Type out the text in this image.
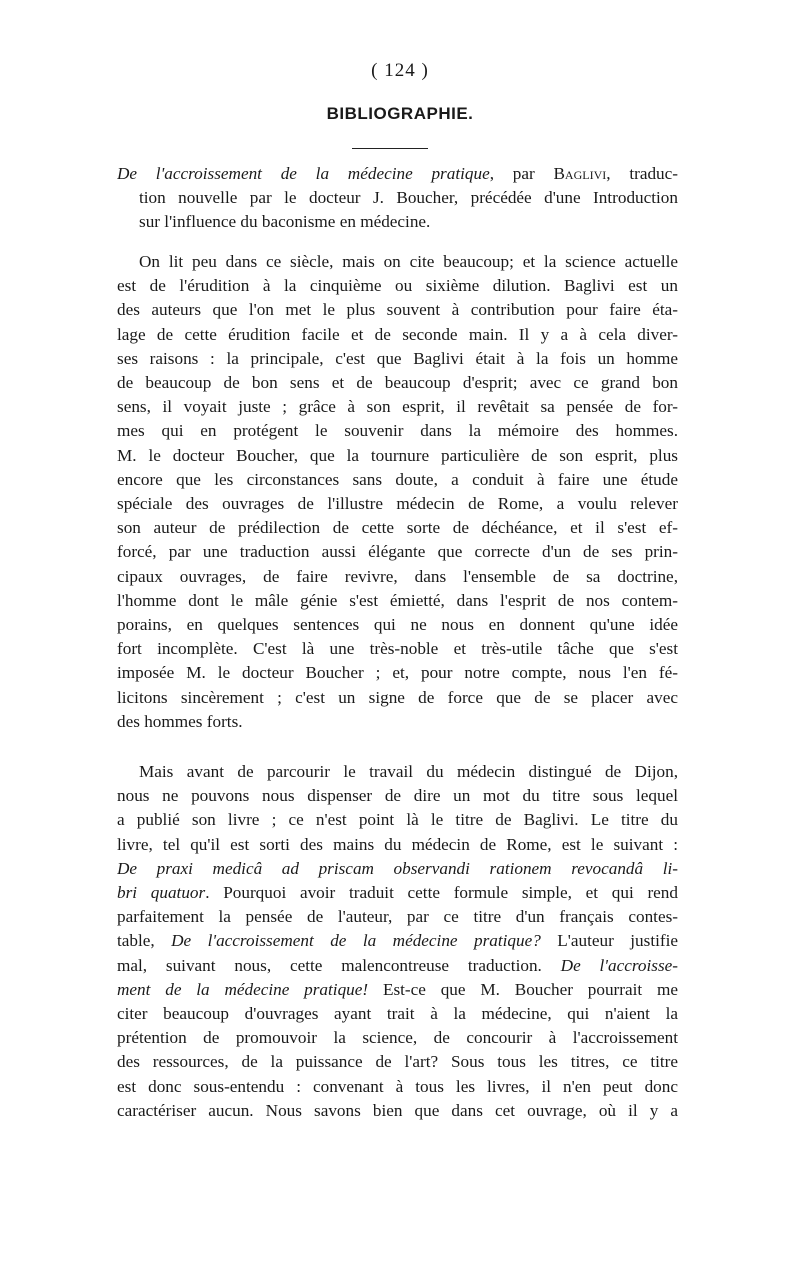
( 124 )
BIBLIOGRAPHIE.
De l'accroissement de la médecine pratique, par Baglivi, traduc-
tion nouvelle par le docteur J. Boucher, précédée d'une Introduction
sur l'influence du baconisme en médecine.
On lit peu dans ce siècle, mais on cite beaucoup; et la science actuelle
est de l'érudition à la cinquième ou sixième dilution. Baglivi est un
des auteurs que l'on met le plus souvent à contribution pour faire éta-
lage de cette érudition facile et de seconde main. Il y a à cela diver-
ses raisons : la principale, c'est que Baglivi était à la fois un homme
de beaucoup de bon sens et de beaucoup d'esprit; avec ce grand bon
sens, il voyait juste ; grâce à son esprit, il revêtait sa pensée de for-
mes qui en protégent le souvenir dans la mémoire des hommes.
M. le docteur Boucher, que la tournure particulière de son esprit, plus
encore que les circonstances sans doute, a conduit à faire une étude
spéciale des ouvrages de l'illustre médecin de Rome, a voulu relever
son auteur de prédilection de cette sorte de déchéance, et il s'est ef-
forcé, par une traduction aussi élégante que correcte d'un de ses prin-
cipaux ouvrages, de faire revivre, dans l'ensemble de sa doctrine,
l'homme dont le mâle génie s'est émietté, dans l'esprit de nos contem-
porains, en quelques sentences qui ne nous en donnent qu'une idée
fort incomplète. C'est là une très-noble et très-utile tâche que s'est
imposée M. le docteur Boucher ; et, pour notre compte, nous l'en fé-
licitons sincèrement ; c'est un signe de force que de se placer avec
des hommes forts.
Mais avant de parcourir le travail du médecin distingué de Dijon,
nous ne pouvons nous dispenser de dire un mot du titre sous lequel
a publié son livre ; ce n'est point là le titre de Baglivi. Le titre du
livre, tel qu'il est sorti des mains du médecin de Rome, est le suivant :
De praxi medicâ ad priscam observandi rationem revocandâ li-
bri quatuor. Pourquoi avoir traduit cette formule simple, et qui rend
parfaitement la pensée de l'auteur, par ce titre d'un français contes-
table, De l'accroissement de la médecine pratique? L'auteur justifie
mal, suivant nous, cette malencontreuse traduction. De l'accroisse-
ment de la médecine pratique! Est-ce que M. Boucher pourrait me
citer beaucoup d'ouvrages ayant trait à la médecine, qui n'aient la
prétention de promouvoir la science, de concourir à l'accroissement
des ressources, de la puissance de l'art? Sous tous les titres, ce titre
est donc sous-entendu : convenant à tous les livres, il n'en peut donc
caractériser aucun. Nous savons bien que dans cet ouvrage, où il y a
